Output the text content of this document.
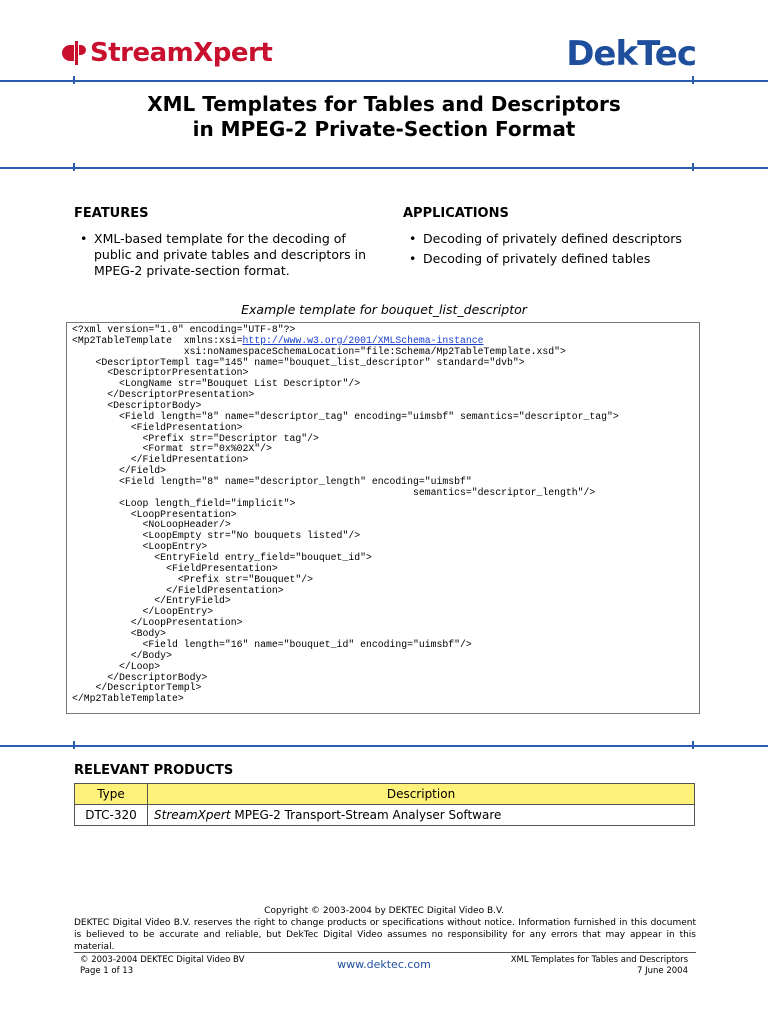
StreamXpert	DekTec
XML Templates for Tables and Descriptors
in MPEG-2 Private-Section Format
FEATURES
• XML-based template for the decoding of public and private tables and descriptors in MPEG-2 private-section format.
APPLICATIONS
• Decoding of privately defined descriptors
• Decoding of privately defined tables
Example template for bouquet_list_descriptor
<?xml version="1.0" encoding="UTF-8"?>
<Mp2TableTemplate  xmlns:xsi=http://www.w3.org/2001/XMLSchema-instance
xsi:noNamespaceSchemaLocation="file:Schema/Mp2TableTemplate.xsd">
<DescriptorTempl tag="145" name="bouquet_list_descriptor" standard="dvb">
<DescriptorPresentation>
<LongName str="Bouquet List Descriptor"/>
</DescriptorPresentation>
<DescriptorBody>
<Field length="8" name="descriptor_tag" encoding="uimsbf" semantics="descriptor_tag">
<FieldPresentation>
<Prefix str="Descriptor tag"/>
<Format str="0x%02X"/>
</FieldPresentation>
</Field>
<Field length="8" name="descriptor_length" encoding="uimsbf"
semantics="descriptor_length"/>
<Loop length_field="implicit">
<LoopPresentation>
<NoLoopHeader/>
<LoopEmpty str="No bouquets listed"/>
<LoopEntry>
<EntryField entry_field="bouquet_id">
<FieldPresentation>
<Prefix str="Bouquet"/>
</FieldPresentation>
</EntryField>
</LoopEntry>
</LoopPresentation>
<Body>
<Field length="16" name="bouquet_id" encoding="uimsbf"/>
</Body>
</Loop>
</DescriptorBody>
</DescriptorTempl>
</Mp2TableTemplate>
RELEVANT PRODUCTS
Type	Description
DTC-320	StreamXpert MPEG-2 Transport-Stream Analyser Software
Copyright © 2003-2004 by DEKTEC Digital Video B.V.
DEKTEC Digital Video B.V. reserves the right to change products or specifications without notice. Information furnished in this document is believed to be accurate and reliable, but DekTec Digital Video assumes no responsibility for any errors that may appear in this material.
© 2003-2004 DEKTEC Digital Video BV
Page 1 of 13	www.dektec.com	XML Templates for Tables and Descriptors
7 June 2004
